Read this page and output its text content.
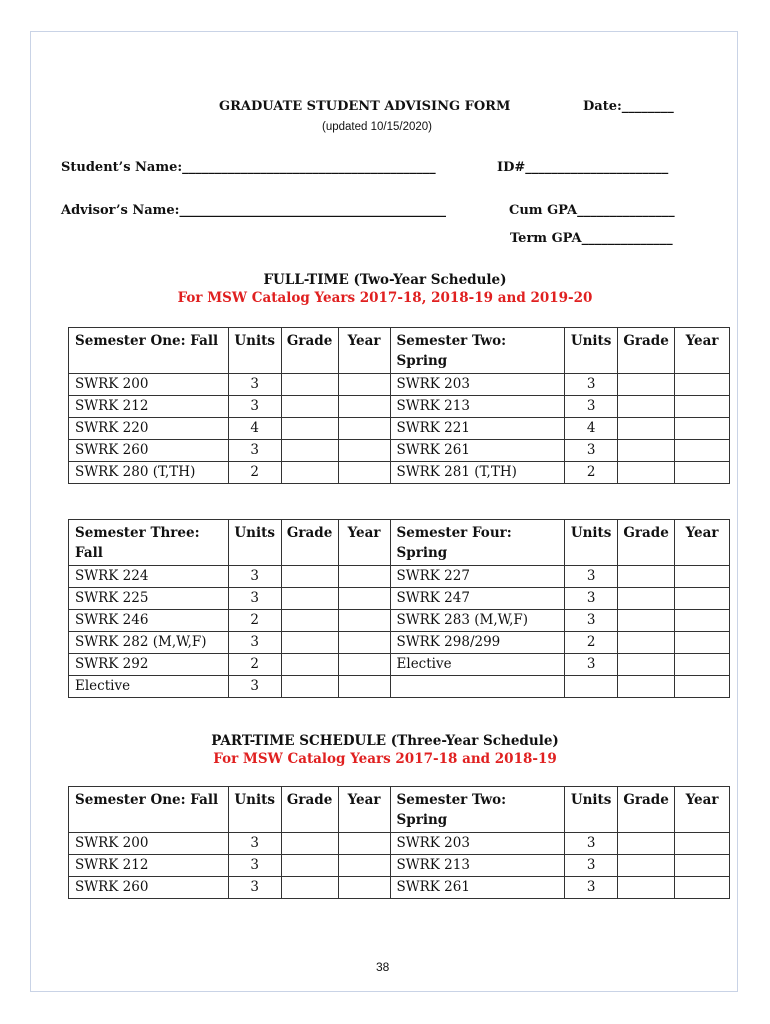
GRADUATE STUDENT ADVISING FORM	Date:________
(updated 10/15/2020)
Student’s Name:_______________________________________	ID#______________________
Advisor’s Name:_________________________________________	Cum GPA_______________
Term GPA______________
FULL-TIME (Two-Year Schedule)
For MSW Catalog Years 2017-18, 2018-19 and 2019-20
Semester One: Fall	Units	Grade	Year	Semester Two: Spring	Units	Grade	Year
SWRK 200	3			SWRK 203	3		
SWRK 212	3			SWRK 213	3		
SWRK 220	4			SWRK 221	4		
SWRK 260	3			SWRK 261	3		
SWRK 280 (T,TH)	2			SWRK 281 (T,TH)	2		
Semester Three: Fall	Units	Grade	Year	Semester Four: Spring	Units	Grade	Year
SWRK 224	3			SWRK 227	3		
SWRK 225	3			SWRK 247	3		
SWRK 246	2			SWRK 283 (M,W,F)	3		
SWRK 282 (M,W,F)	3			SWRK 298/299	2		
SWRK 292	2			Elective	3		
Elective	3						
PART-TIME SCHEDULE (Three-Year Schedule)
For MSW Catalog Years 2017-18 and 2018-19
Semester One: Fall	Units	Grade	Year	Semester Two: Spring	Units	Grade	Year
SWRK 200	3			SWRK 203	3		
SWRK 212	3			SWRK 213	3		
SWRK 260	3			SWRK 261	3		
38
